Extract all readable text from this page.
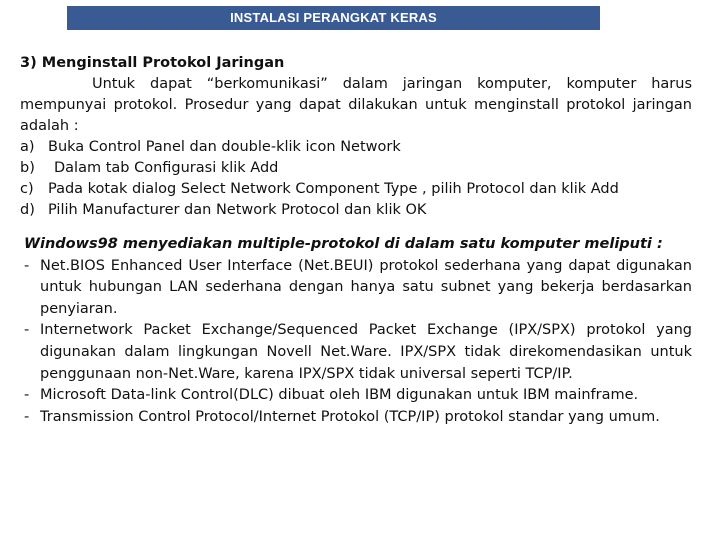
INSTALASI PERANGKAT KERAS
3) Menginstall Protokol Jaringan
Untuk dapat “berkomunikasi” dalam jaringan komputer, komputer harus mempunyai protokol. Prosedur yang dapat dilakukan untuk menginstall protokol jaringan adalah :
a) Buka Control Panel dan double-klik icon Network
b)	Dalam tab Configurasi klik Add
c) Pada kotak dialog Select Network Component Type , pilih Protocol dan klik Add
d) Pilih Manufacturer dan Network Protocol dan klik OK
Windows98 menyediakan multiple-protokol di dalam satu komputer meliputi :
- Net.BIOS Enhanced User Interface (Net.BEUI) protokol sederhana yang dapat digunakan untuk hubungan LAN sederhana dengan hanya satu subnet yang bekerja berdasarkan penyiaran.
- Internetwork Packet Exchange/Sequenced Packet Exchange (IPX/SPX) protokol yang digunakan dalam lingkungan Novell Net.Ware. IPX/SPX tidak direkomendasikan untuk penggunaan non-Net.Ware, karena IPX/SPX tidak universal seperti TCP/IP.
- Microsoft Data-link Control(DLC) dibuat oleh IBM digunakan untuk IBM mainframe.
- Transmission Control Protocol/Internet Protokol (TCP/IP) protokol standar yang umum.
